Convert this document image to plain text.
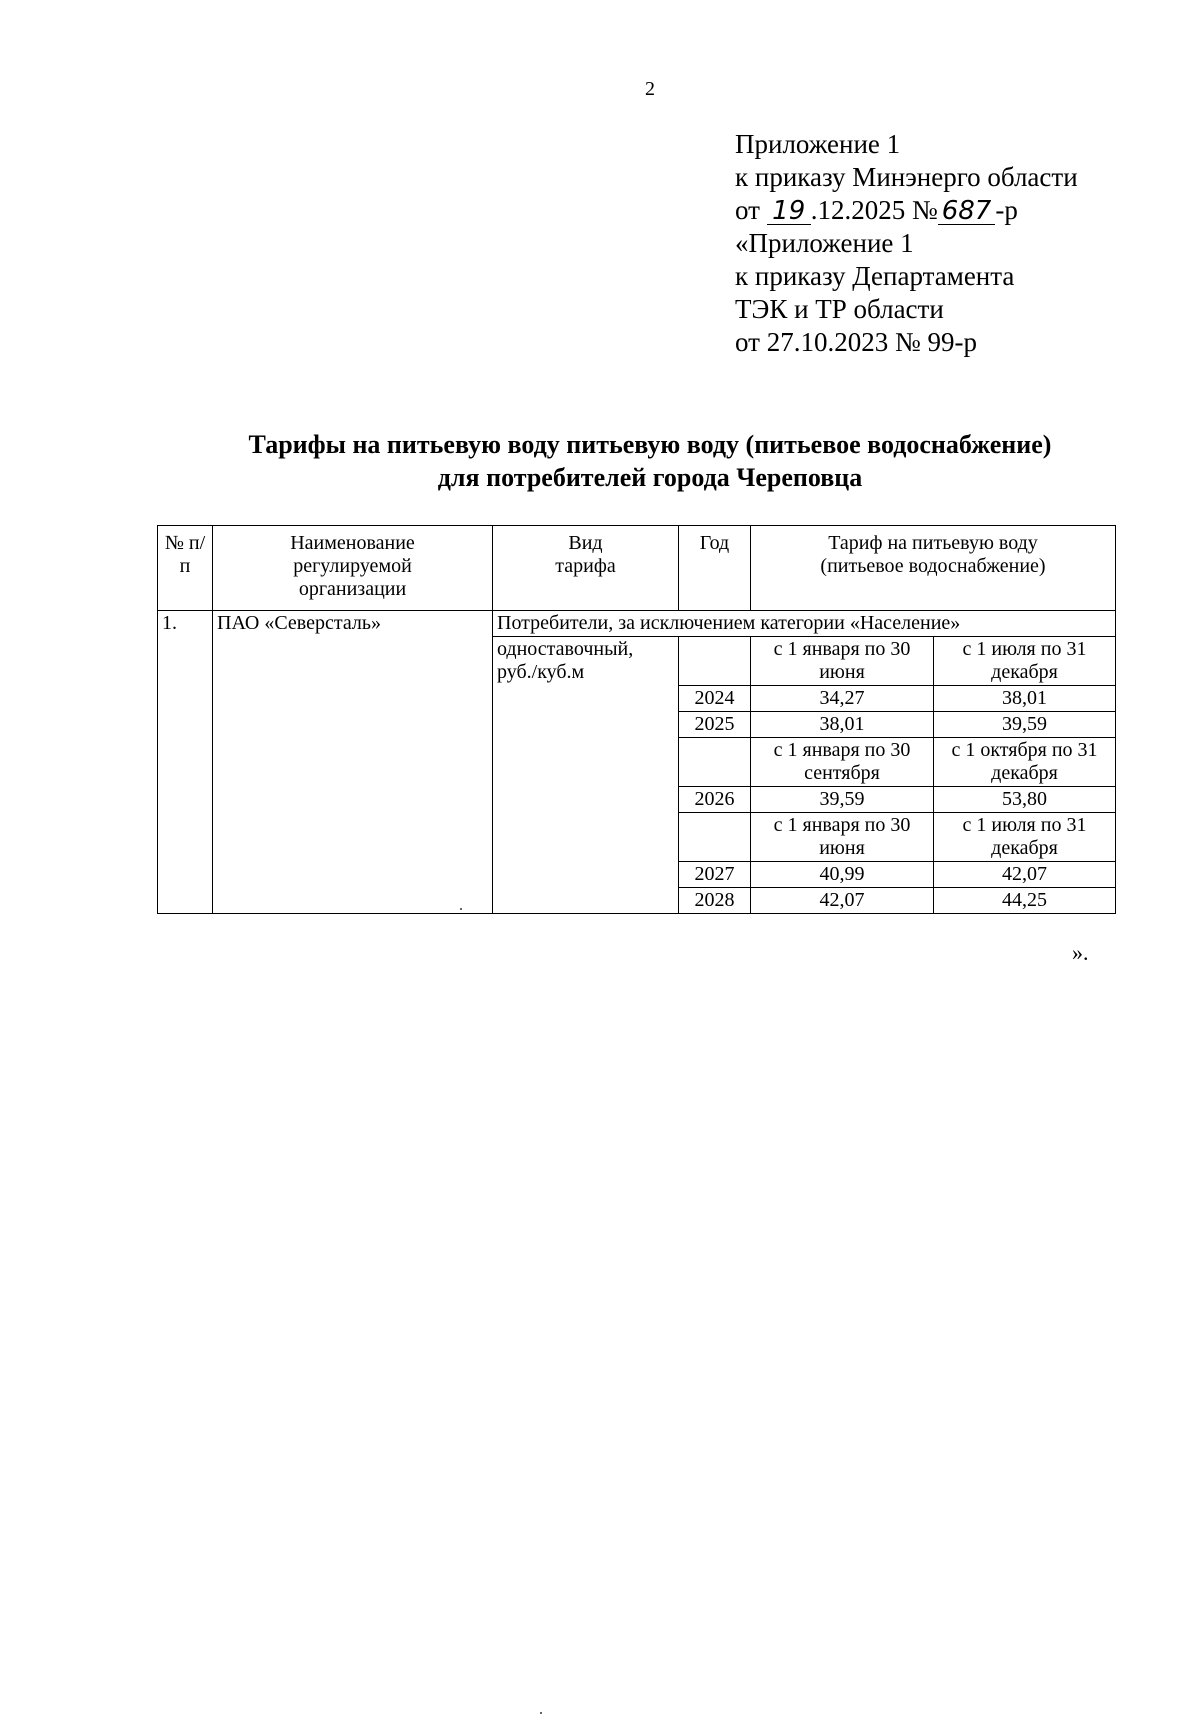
2
Приложение 1
к приказу Минэнерго области
от 19 .12.2025 № 687 -р
«Приложение 1
к приказу Департамента
ТЭК и ТР области
от 27.10.2023 № 99-р
Тарифы на питьевую воду питьевую воду (питьевое водоснабжение)
для потребителей города Череповца
№ п/п	Наименование регулируемой организации	Вид тарифа	Год	Тариф на питьевую воду (питьевое водоснабжение)	
1.	ПАО «Северсталь»	Потребители, за исключением категории «Население»			
		одноставочный, руб./куб.м		с 1 января по 30 июня	с 1 июля по 31 декабря
			2024	34,27	38,01
			2025	38,01	39,59
				с 1 января по 30 сентября	с 1 октября по 31 декабря
			2026	39,59	53,80
				с 1 января по 30 июня	с 1 июля по 31 декабря
			2027	40,99	42,07
			2028	42,07	44,25
».
